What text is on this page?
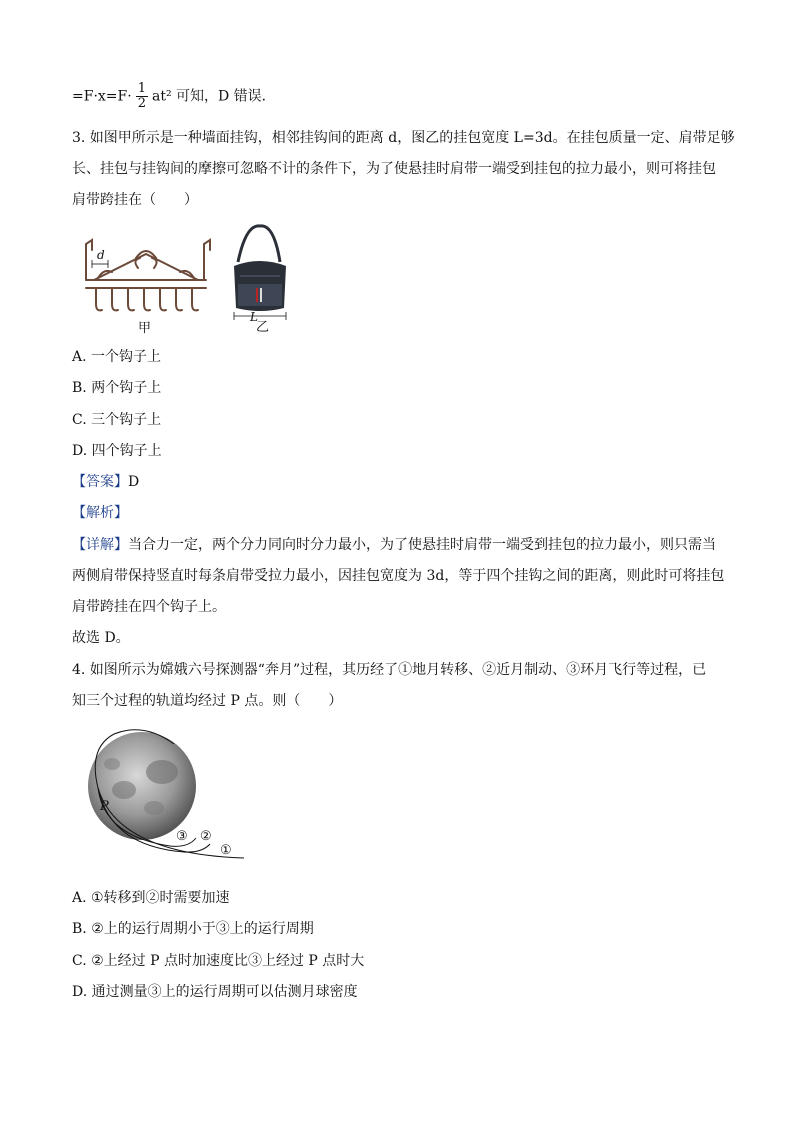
$=F\cdot x=F\cdot \frac{1}{2} at^2$ 可知，D 错误．
3. 如图甲所示是一种墙面挂钩，相邻挂钩间的距离 d，图乙的挂包宽度 L=3d。在挂包质量一定、肩带足够
长、挂包与挂钩间的摩擦可忽略不计的条件下，为了使悬挂时肩带一端受到挂包的拉力最小，则可将挂包
肩带跨挂在（　　）
d
甲
L
乙
A. 一个钩子上
B. 两个钩子上
C. 三个钩子上
D. 四个钩子上
【答案】D
【解析】
【详解】当合力一定，两个分力同向时分力最小，为了使悬挂时肩带一端受到挂包的拉力最小，则只需当
两侧肩带保持竖直时每条肩带受拉力最小，因挂包宽度为 3d，等于四个挂钩之间的距离，则此时可将挂包
肩带跨挂在四个钩子上。
故选 D。
4. 如图所示为嫦娥六号探测器“奔月”过程，其历经了①地月转移、②近月制动、③环月飞行等过程，已
知三个过程的轨道均经过 P 点。则（　　）
P
③ ②
①
A. ①转移到②时需要加速
B. ②上的运行周期小于③上的运行周期
C. ②上经过 P 点时加速度比③上经过 P 点时大
D. 通过测量③上的运行周期可以估测月球密度
